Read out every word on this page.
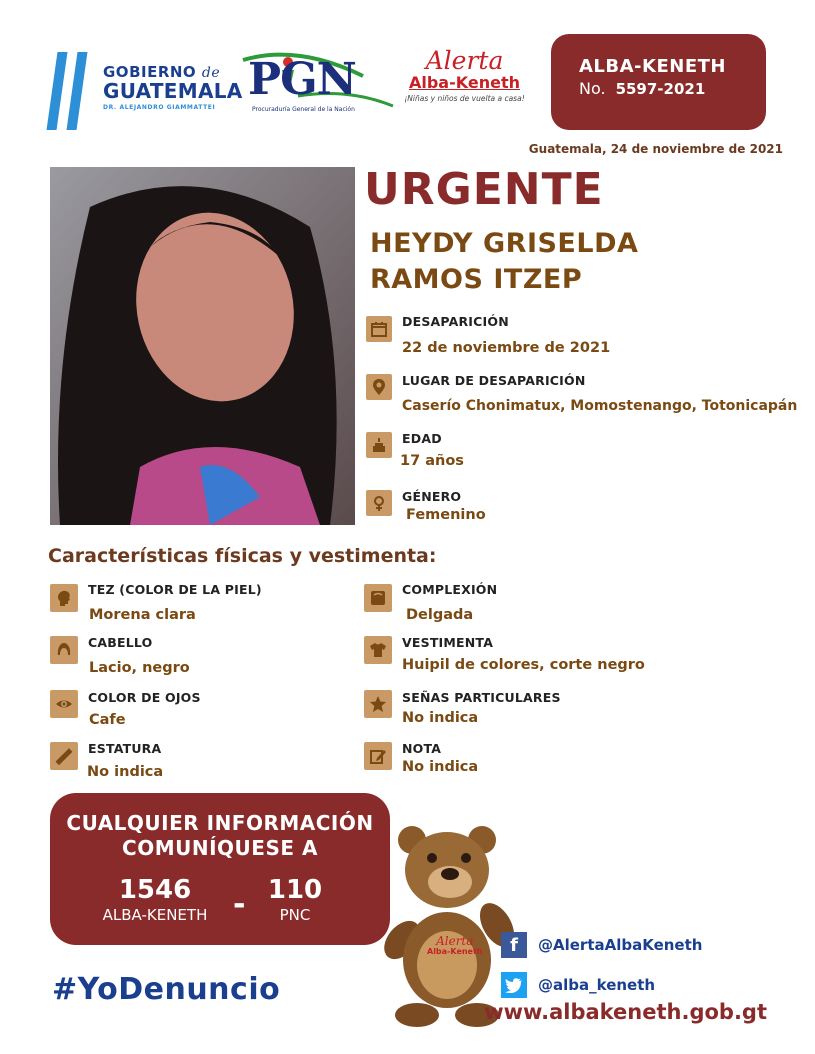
GOBIERNO de
GUATEMALA
DR. ALEJANDRO GIAMMATTEI
PGN
Procuraduría General de la Nación
Alerta
Alba-Keneth
¡Niñas y niños de vuelta a casa!
ALBA-KENETH
No. 5597-2021
Guatemala, 24 de noviembre de 2021
URGENTE
HEYDY GRISELDA
RAMOS ITZEP
DESAPARICIÓN
22 de noviembre de 2021
LUGAR DE DESAPARICIÓN
Caserío Chonimatux, Momostenango, Totonicapán
EDAD
17 años
GÉNERO
Femenino
Características físicas y vestimenta:
TEZ (COLOR DE LA PIEL)
Morena clara
CABELLO
Lacio, negro
COLOR DE OJOS
Cafe
ESTATURA
No indica
COMPLEXIÓN
Delgada
VESTIMENTA
Huipil de colores, corte negro
SEÑAS PARTICULARES
No indica
NOTA
No indica
CUALQUIER INFORMACIÓN
COMUNÍQUESE A
1546
ALBA-KENETH - 110
PNC
#YoDenuncio
Alerta
Alba-Keneth f @AlertaAlbaKeneth
@alba_keneth
www.albakeneth.gob.gt
